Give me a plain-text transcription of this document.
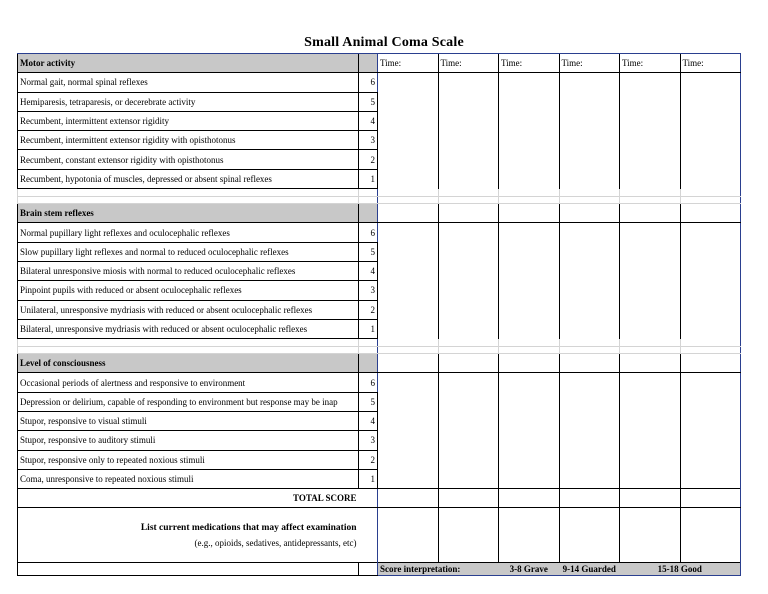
Small Animal Coma Scale
Motor activity		Time:	Time:	Time:	Time:	Time:	Time:
Normal gait, normal spinal reflexes	6						
Hemiparesis, tetraparesis, or decerebrate activity	5						
Recumbent, intermittent extensor rigidity	4						
Recumbent, intermittent extensor rigidity with opisthotonus	3						
Recumbent, constant extensor rigidity with opisthotonus	2						
Recumbent, hypotonia of muscles, depressed or absent spinal reflexes	1						

Brain stem reflexes							
Normal pupillary light reflexes and oculocephalic reflexes	6						
Slow pupillary light reflexes and normal to reduced oculocephalic reflexes	5						
Bilateral unresponsive miosis with normal to reduced oculocephalic reflexes	4						
Pinpoint pupils with reduced or absent oculocephalic reflexes	3						
Unilateral, unresponsive mydriasis with reduced or absent oculocephalic reflexes	2						
Bilateral, unresponsive mydriasis with reduced or absent oculocephalic reflexes	1						

Level of consciousness							
Occasional periods of alertness and responsive to environment	6						
Depression or delirium, capable of responding to environment but response may be inap	5						
Stupor, responsive to visual stimuli	4						
Stupor, responsive to auditory stimuli	3						
Stupor, responsive only to repeated noxious stimuli	2						
Coma, unresponsive to repeated noxious stimuli	1						
TOTAL SCORE							
List current medications that may affect examination
(e.g., opioids, sedatives, antidepressants, etc)							
		Score interpretation:		3-8 Grave	9-14 Guarded	15-18 Good	
